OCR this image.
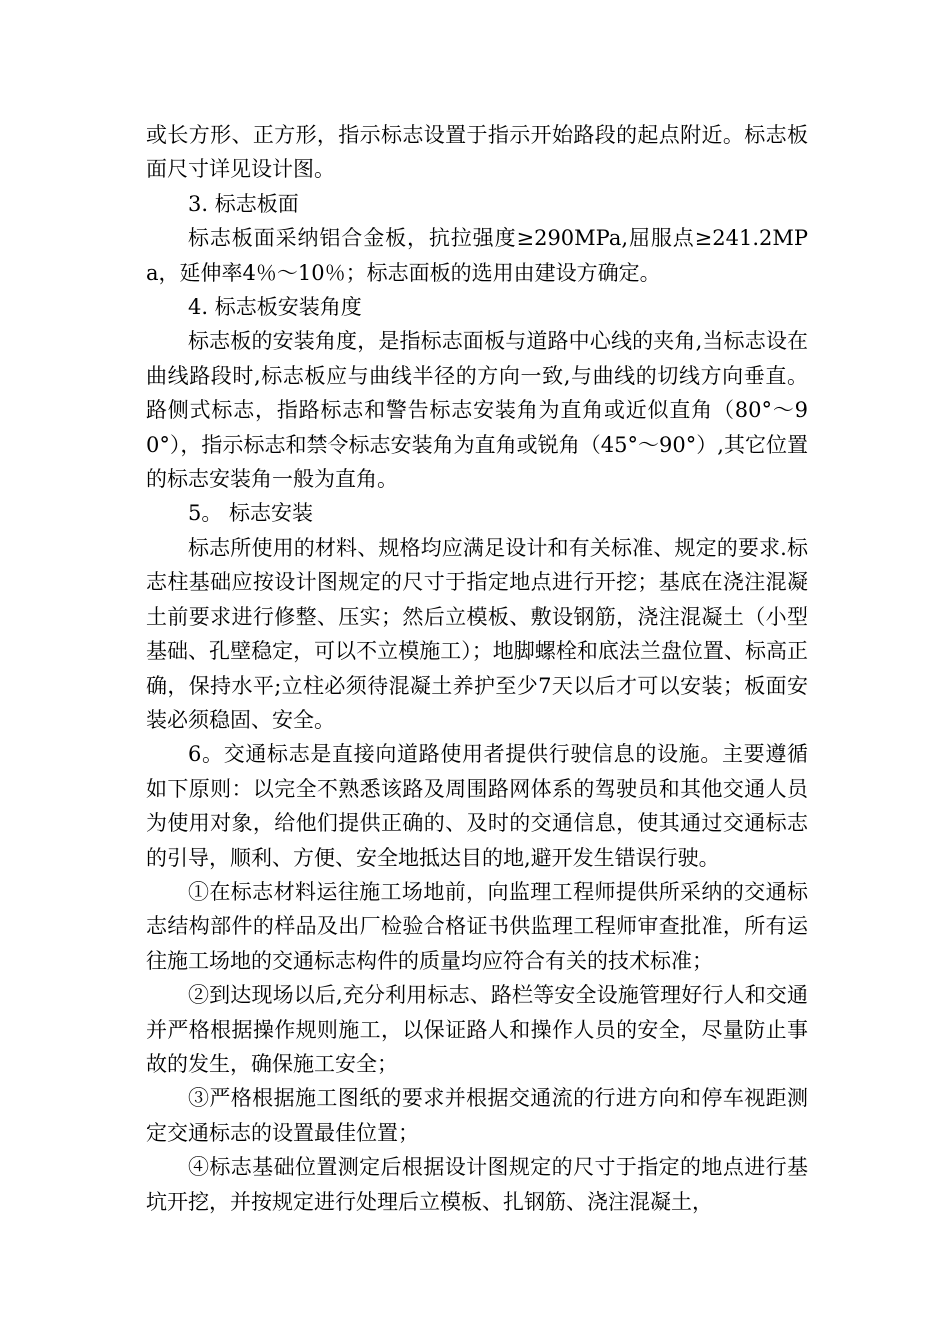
或长方形、正方形，指示标志设置于指示开始路段的起点附近。标志板面尺寸详见设计图。

3. 标志板面

标志板面采纳铝合金板，抗拉强度≥290MPa,屈服点≥241.2MPa，延伸率4％～10％；标志面板的选用由建设方确定。

4. 标志板安装角度

标志板的安装角度，是指标志面板与道路中心线的夹角,当标志设在曲线路段时,标志板应与曲线半径的方向一致,与曲线的切线方向垂直。路侧式标志，指路标志和警告标志安装角为直角或近似直角（80°～90°），指示标志和禁令标志安装角为直角或锐角（45°～90°）,其它位置的标志安装角一般为直角。

5。 标志安装

标志所使用的材料、规格均应满足设计和有关标准、规定的要求.标志柱基础应按设计图规定的尺寸于指定地点进行开挖；基底在浇注混凝土前要求进行修整、压实；然后立模板、敷设钢筋，浇注混凝土（小型基础、孔壁稳定，可以不立模施工）；地脚螺栓和底法兰盘位置、标高正确，保持水平;立柱必须待混凝土养护至少7天以后才可以安装；板面安装必须稳固、安全。

6。交通标志是直接向道路使用者提供行驶信息的设施。主要遵循如下原则：以完全不熟悉该路及周围路网体系的驾驶员和其他交通人员为使用对象，给他们提供正确的、及时的交通信息，使其通过交通标志的引导，顺利、方便、安全地抵达目的地,避开发生错误行驶。

①在标志材料运往施工场地前，向监理工程师提供所采纳的交通标志结构部件的样品及出厂检验合格证书供监理工程师审查批准，所有运往施工场地的交通标志构件的质量均应符合有关的技术标准；

②到达现场以后,充分利用标志、路栏等安全设施管理好行人和交通并严格根据操作规则施工，以保证路人和操作人员的安全，尽量防止事故的发生，确保施工安全；

③严格根据施工图纸的要求并根据交通流的行进方向和停车视距测定交通标志的设置最佳位置；

④标志基础位置测定后根据设计图规定的尺寸于指定的地点进行基坑开挖，并按规定进行处理后立模板、扎钢筋、浇注混凝土，
